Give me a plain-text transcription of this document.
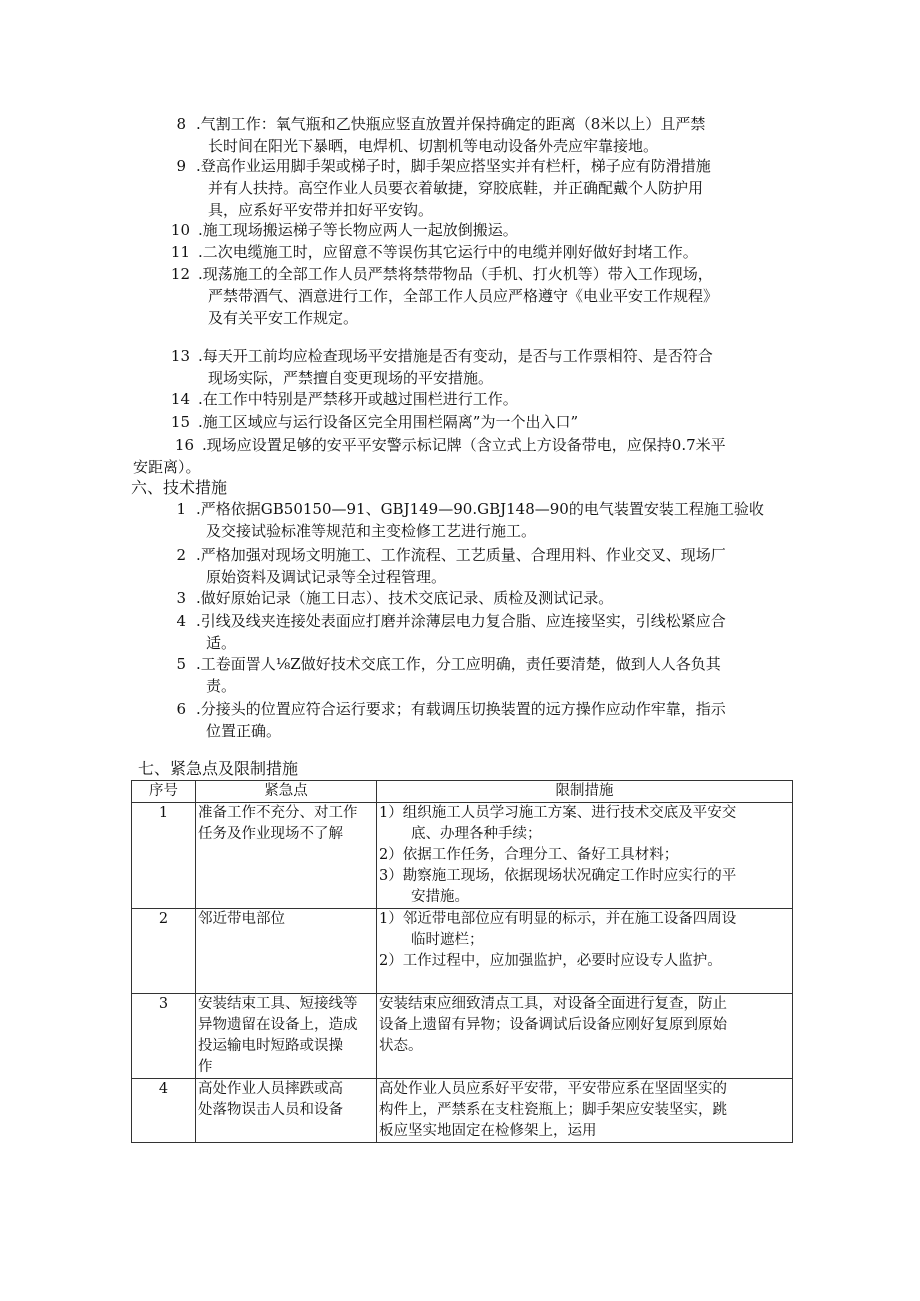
8 .气割工作：氧气瓶和乙快瓶应竖直放置并保持确定的距离（8米以上）且严禁
长时间在阳光下暴晒，电焊机、切割机等电动设备外壳应牢靠接地。
9 .登高作业运用脚手架或梯子时，脚手架应搭坚实并有栏杆，梯子应有防滑措施
并有人扶持。高空作业人员要衣着敏捷，穿胶底鞋，并正确配戴个人防护用
具，应系好平安带并扣好平安钩。
10 .施工现场搬运梯子等长物应两人一起放倒搬运。
11 .二次电缆施工时，应留意不等误伤其它运行中的电缆并刚好做好封堵工作。
12 .现荡施工的全部工作人员严禁将禁带物品（手机、打火机等）带入工作现场，
严禁带酒气、酒意进行工作，全部工作人员应严格遵守《电业平安工作规程》
及有关平安工作规定。
13 .每天开工前均应检查现场平安措施是否有变动，是否与工作票相符、是否符合
现场实际，严禁擅自变更现场的平安措施。
14 .在工作中特别是严禁移开或越过围栏进行工作。
15 .施工区域应与运行设备区完全用围栏隔离”为一个出入口”
16 .现场应设置足够的安平平安警示标记牌（含立式上方设备带电，应保持0.7米平
安距离）。
六、技术措施
1 .严格依据GB50150—91、GBJ149—90.GBJ148—90的电气装置安装工程施工验收
及交接试验标准等规范和主变检修工艺进行施工。
2 .严格加强对现场文明施工、工作流程、工艺质量、合理用料、作业交叉、现场厂
原始资料及调试记录等全过程管理。
3 .做好原始记录（施工日志）、技术交底记录、质检及测试记录。
4 .引线及线夹连接处表面应打磨并涂薄层电力复合脂、应连接坚实，引线松紧应合
适。
5 .工卷面詈人⅛Z做好技术交底工作，分工应明确，责任要清楚，做到人人各负其
责。
6 .分接头的位置应符合运行要求；有载调压切换装置的远方操作应动作牢靠，指示
位置正确。
七、紧急点及限制措施
序号	紧急点	限制措施
1	准备工作不充分、对工作
任务及作业现场不了解	1）组织施工人员学习施工方案、进行技术交底及平安交
底、办理各种手续；
2）依据工作任务，合理分工、备好工具材料；
3）勘察施工现场，依据现场状况确定工作时应实行的平
安措施。

2	邻近带电部位	1）邻近带电部位应有明显的标示，并在施工设备四周设
临时遮栏；
2）工作过程中，应加强监护，必要时应设专人监护。

3	安装结束工具、短接线等
异物遗留在设备上，造成
投运输电时短路或误操
作	安装结束应细致清点工具，对设备全面进行复查，防止
设备上遗留有异物；设备调试后设备应刚好复原到原始
状态。

4	高处作业人员摔跌或高
处落物误击人员和设备	高处作业人员应系好平安带，平安带应系在坚固坚实的
构件上，严禁系在支柱瓷瓶上；脚手架应安装坚实，跳
板应坚实地固定在检修架上，运用
